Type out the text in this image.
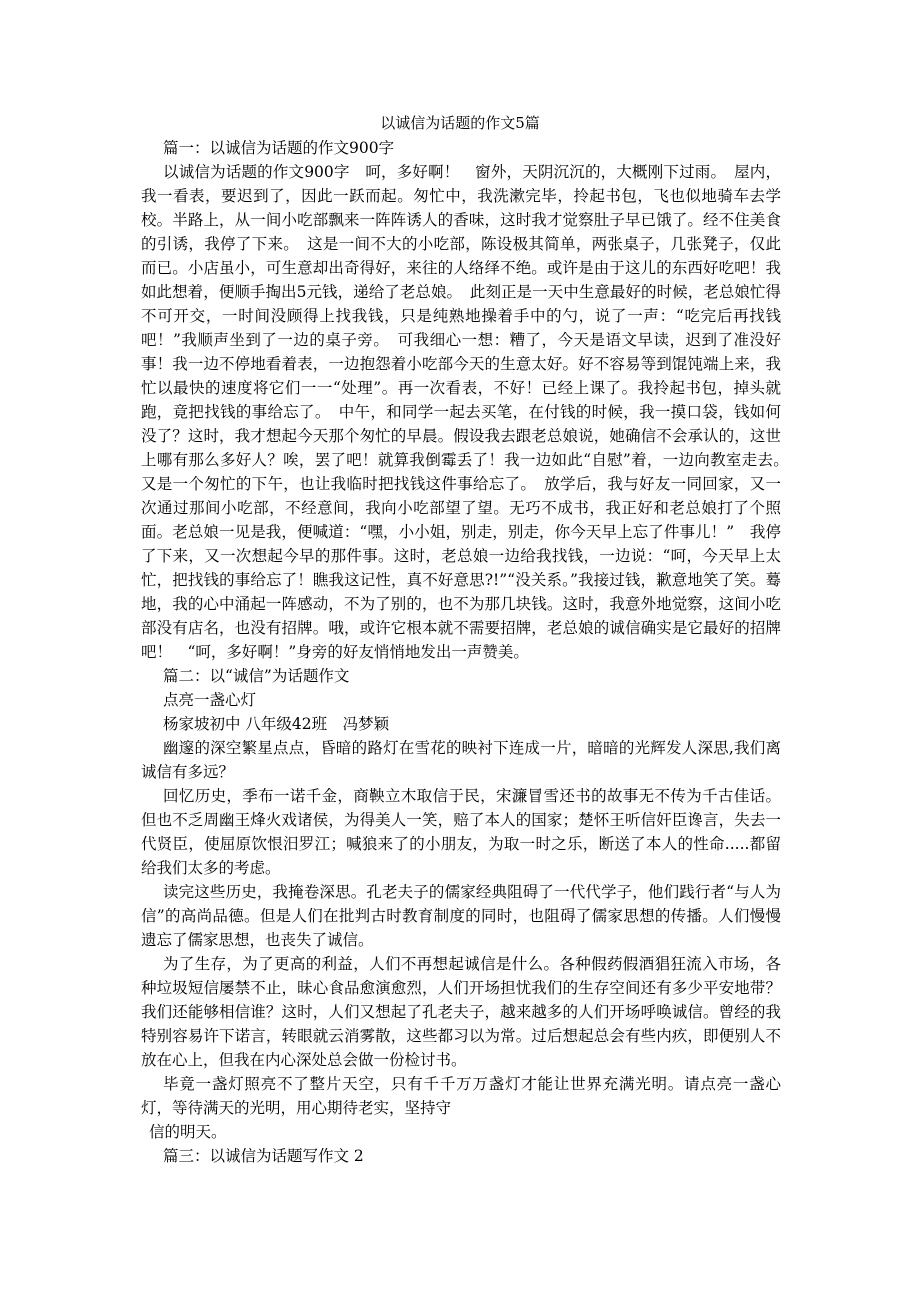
以诚信为话题的作文5篇

篇一：以诚信为话题的作文900字

以诚信为话题的作文900字　呵，多好啊！　窗外，天阴沉沉的，大概刚下过雨。　屋内，我一看表，要迟到了，因此一跃而起。匆忙中，我洗漱完毕，拎起书包，飞也似地骑车去学校。半路上，从一间小吃部飘来一阵阵诱人的香味，这时我才觉察肚子早已饿了。经不住美食的引诱，我停了下来。　这是一间不大的小吃部，陈设极其简单，两张桌子，几张凳子，仅此而已。小店虽小，可生意却出奇得好，来往的人络绎不绝。或许是由于这儿的东西好吃吧！我如此想着，便顺手掏出5元钱，递给了老总娘。　此刻正是一天中生意最好的时候，老总娘忙得不可开交，一时间没顾得上找我钱，只是纯熟地操着手中的勺，说了一声：“吃完后再找钱吧！”我顺声坐到了一边的桌子旁。　可我细心一想：糟了，今天是语文早读，迟到了准没好事！我一边不停地看着表，一边抱怨着小吃部今天的生意太好。好不容易等到馄饨端上来，我忙以最快的速度将它们一一“处理”。再一次看表，不好！已经上课了。我拎起书包，掉头就跑，竟把找钱的事给忘了。　中午，和同学一起去买笔，在付钱的时候，我一摸口袋，钱如何没了？这时，我才想起今天那个匆忙的早晨。假设我去跟老总娘说，她确信不会承认的，这世上哪有那么多好人？唉，罢了吧！就算我倒霉丢了！我一边如此“自慰”着，一边向教室走去。　又是一个匆忙的下午，也让我临时把找钱这件事给忘了。　放学后，我与好友一同回家，又一次通过那间小吃部，不经意间，我向小吃部望了望。无巧不成书，我正好和老总娘打了个照面。老总娘一见是我，便喊道：“嘿，小小姐，别走，别走，你今天早上忘了件事儿！”　我停了下来，又一次想起今早的那件事。这时，老总娘一边给我找钱，一边说：“呵，今天早上太忙，把找钱的事给忘了！瞧我这记性，真不好意思?!”“没关系。”我接过钱，歉意地笑了笑。蓦地，我的心中涌起一阵感动，不为了别的，也不为那几块钱。这时，我意外地觉察，这间小吃部没有店名，也没有招牌。哦，或许它根本就不需要招牌，老总娘的诚信确实是它最好的招牌吧！　“呵，多好啊！”身旁的好友悄悄地发出一声赞美。

篇二：以“诚信”为话题作文

点亮一盏心灯

杨家坡初中 八年级42班　冯梦颖

幽邃的深空繁星点点，昏暗的路灯在雪花的映衬下连成一片，暗暗的光辉发人深思,我们离诚信有多远？

回忆历史，季布一诺千金，商鞅立木取信于民，宋濂冒雪还书的故事无不传为千古佳话。但也不乏周幽王烽火戏诸侯，为得美人一笑，赔了本人的国家；楚怀王听信奸臣谗言，失去一代贤臣，使屈原饮恨汨罗江；喊狼来了的小朋友，为取一时之乐，断送了本人的性命.....都留给我们太多的考虑。

读完这些历史，我掩卷深思。孔老夫子的儒家经典阻碍了一代代学子，他们践行者“与人为信”的高尚品德。但是人们在批判古时教育制度的同时，也阻碍了儒家思想的传播。人们慢慢遗忘了儒家思想，也丧失了诚信。

为了生存，为了更高的利益，人们不再想起诚信是什么。各种假药假酒猖狂流入市场，各种垃圾短信屡禁不止，昧心食品愈演愈烈，人们开场担忧我们的生存空间还有多少平安地带？我们还能够相信谁？这时，人们又想起了孔老夫子，越来越多的人们开场呼唤诚信。曾经的我特别容易许下诺言，转眼就云消雾散，这些都习以为常。过后想起总会有些内疚，即便别人不放在心上，但我在内心深处总会做一份检讨书。

毕竟一盏灯照亮不了整片天空，只有千千万万盏灯才能让世界充满光明。请点亮一盏心灯，等待满天的光明，用心期待老实，坚持守

信的明天。

篇三：以诚信为话题写作文 2
